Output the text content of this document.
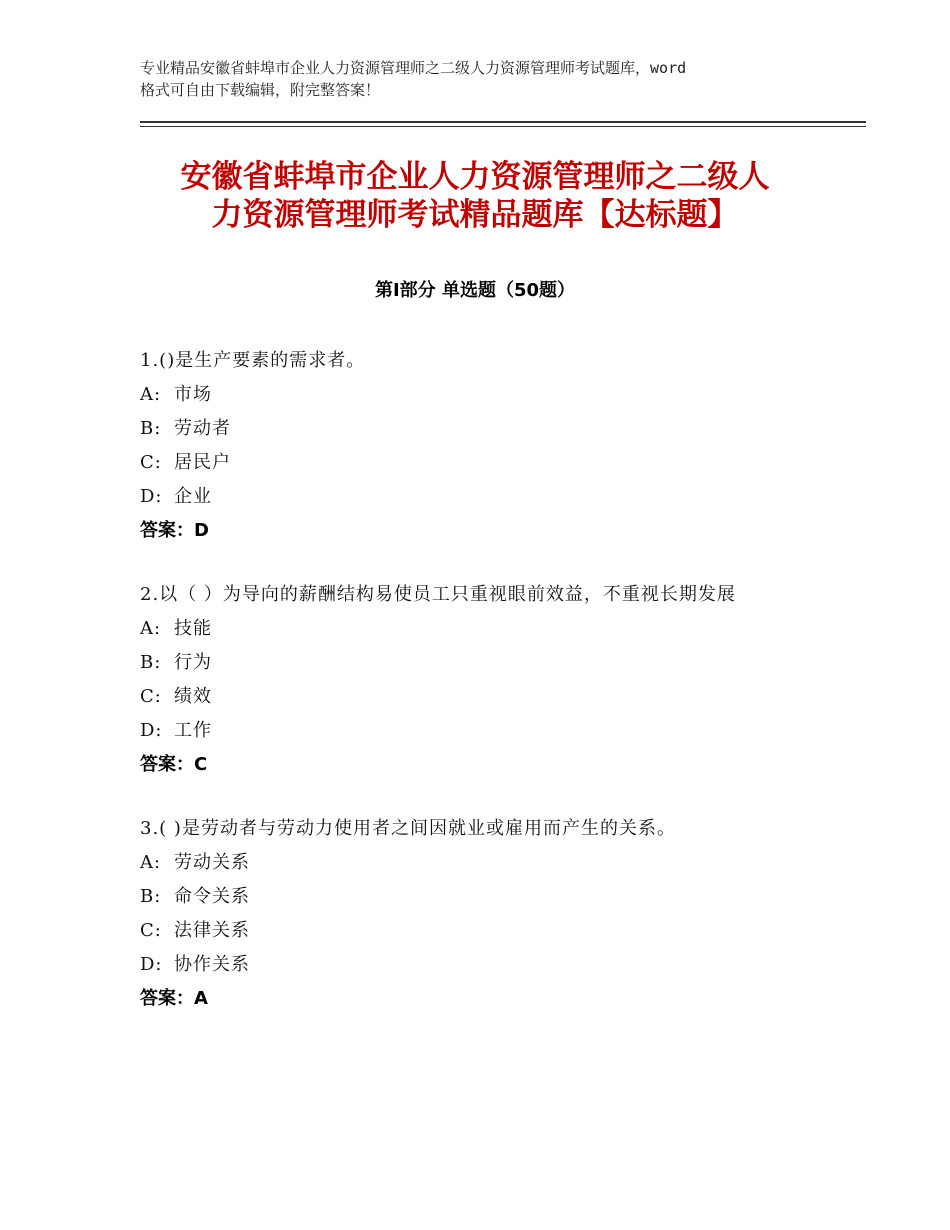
专业精品安徽省蚌埠市企业人力资源管理师之二级人力资源管理师考试题库，word
格式可自由下载编辑，附完整答案！
安徽省蚌埠市企业人力资源管理师之二级人
力资源管理师考试精品题库【达标题】
第Ⅰ部分 单选题（50题）
1.()是生产要素的需求者。
A: 市场
B: 劳动者
C: 居民户
D: 企业
答案：D
2.以（ ）为导向的薪酬结构易使员工只重视眼前效益，不重视长期发展
A: 技能
B: 行为
C: 绩效
D: 工作
答案：C
3.( )是劳动者与劳动力使用者之间因就业或雇用而产生的关系。
A: 劳动关系
B: 命令关系
C: 法律关系
D: 协作关系
答案：A
